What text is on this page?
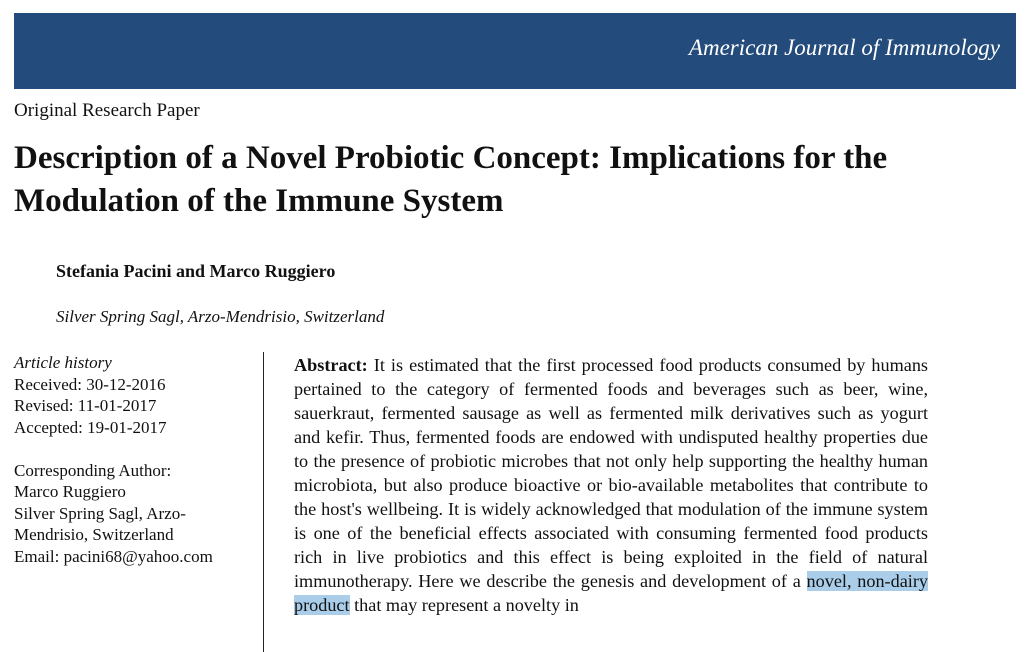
American Journal of Immunology
Original Research Paper
Description of a Novel Probiotic Concept: Implications for the Modulation of the Immune System
Stefania Pacini and Marco Ruggiero
Silver Spring Sagl, Arzo-Mendrisio, Switzerland
Article history
Received: 30-12-2016
Revised: 11-01-2017
Accepted: 19-01-2017
Corresponding Author:
Marco Ruggiero
Silver Spring Sagl, Arzo-
Mendrisio, Switzerland
Email: pacini68@yahoo.com

Abstract: It is estimated that the first processed food products consumed by humans pertained to the category of fermented foods and beverages such as beer, wine, sauerkraut, fermented sausage as well as fermented milk derivatives such as yogurt and kefir. Thus, fermented foods are endowed with undisputed healthy properties due to the presence of probiotic microbes that not only help supporting the healthy human microbiota, but also produce bioactive or bio-available metabolites that contribute to the host's wellbeing. It is widely acknowledged that modulation of the immune system is one of the beneficial effects associated with consuming fermented food products rich in live probiotics and this effect is being exploited in the field of natural immunotherapy. Here we describe the genesis and development of a novel, non-dairy product that may represent a novelty in
